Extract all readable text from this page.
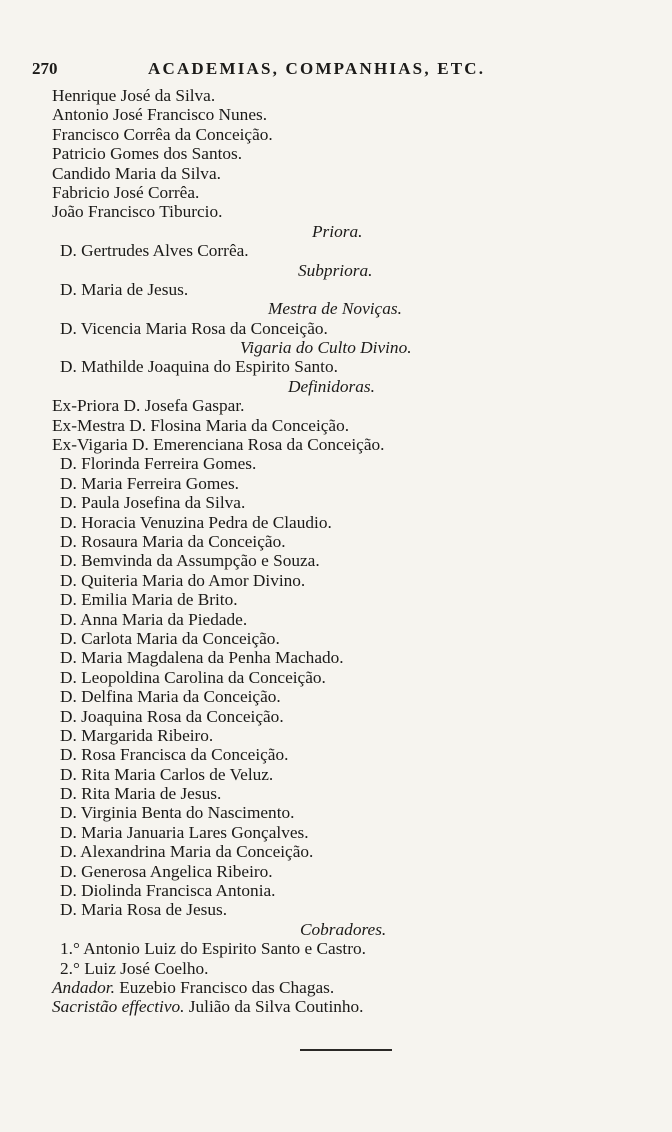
270	ACADEMIAS, COMPANHIAS, ETC.
Henrique José da Silva.
Antonio José Francisco Nunes.
Francisco Corrêa da Conceição.
Patricio Gomes dos Santos.
Candido Maria da Silva.
Fabricio José Corrêa.
João Francisco Tiburcio.
Priora.
D. Gertrudes Alves Corrêa.
Subpriora.
D. Maria de Jesus.
Mestra de Noviças.
D. Vicencia Maria Rosa da Conceição.
Vigaria do Culto Divino.
D. Mathilde Joaquina do Espirito Santo.
Definidoras.
Ex-Priora D. Josefa Gaspar.
Ex-Mestra D. Flosina Maria da Conceição.
Ex-Vigaria D. Emerenciana Rosa da Conceição.
D. Florinda Ferreira Gomes.
D. Maria Ferreira Gomes.
D. Paula Josefina da Silva.
D. Horacia Venuzina Pedra de Claudio.
D. Rosaura Maria da Conceição.
D. Bemvinda da Assumpção e Souza.
D. Quiteria Maria do Amor Divino.
D. Emilia Maria de Brito.
D. Anna Maria da Piedade.
D. Carlota Maria da Conceição.
D. Maria Magdalena da Penha Machado.
D. Leopoldina Carolina da Conceição.
D. Delfina Maria da Conceição.
D. Joaquina Rosa da Conceição.
D. Margarida Ribeiro.
D. Rosa Francisca da Conceição.
D. Rita Maria Carlos de Veluz.
D. Rita Maria de Jesus.
D. Virginia Benta do Nascimento.
D. Maria Januaria Lares Gonçalves.
D. Alexandrina Maria da Conceição.
D. Generosa Angelica Ribeiro.
D. Diolinda Francisca Antonia.
D. Maria Rosa de Jesus.
Cobradores.
1.° Antonio Luiz do Espirito Santo e Castro.
2.° Luiz José Coelho.
Andador. Euzebio Francisco das Chagas.
Sacristão effectivo. Julião da Silva Coutinho.
